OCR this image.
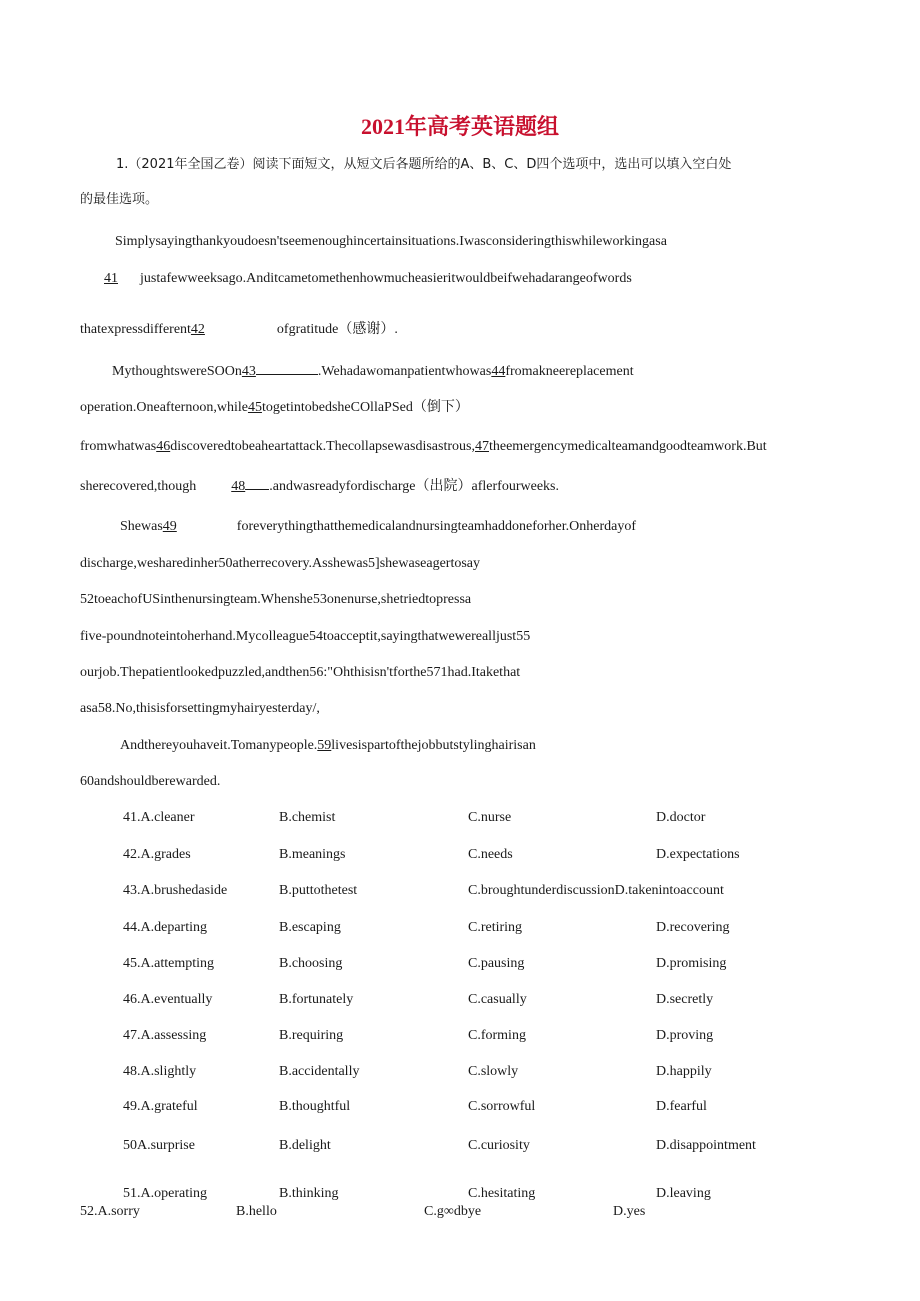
2021年高考英语题组
1.（2021年全国乙卷）阅读下面短文，从短文后各题所给的A、B、C、D四个选项中，选出可以填入空白处
的最佳选项。
Simplysayingthankyoudoesn'tseemenoughincertainsituations.Iwasconsideringthiswhileworkingasa
41 justafewweeksago.Anditcametomethenhowmucheasieritwouldbeifwehadarangeofwords
thatexpressdifferent42	ofgratitude（感谢）.
MythoughtswereSOOn43	.Wehadawomanpatientwhowas44fromakneereplacement
operation.Oneafternoon,while45togetintobedsheCOllaPSed（倒下）
fromwhatwas46discoveredtobeaheartattack.Thecollapsewasdisastrous,47theemergencymedicalteamandgoodteamwork.But
sherecovered,though	48 .andwasreadyfordischarge（出院）aflerfourweeks.
Shewas49	foreverythingthatthemedicalandnursingteamhaddoneforher.Onherdayof
discharge,wesharedinher50atherrecovery.Asshewas5]shewaseagertosay
52toeachofUSinthenursingteam.Whenshe53onenurse,shetriedtopressa
five-poundnoteintoherhand.Mycolleague54toacceptit,sayingthatwewerealljust55
ourjob.Thepatientlookedpuzzled,andthen56:"Ohthisisn'tforthe571had.Itakethat
asa58.No,thisisforsettingmyhairyesterday/,
Andthereyouhaveit.Tomanypeople.59livesispartofthejobbutstylinghairisan
60andshouldberewarded.
41.A.cleaner	B.chemist	C.nurse	D.doctor
42.A.grades	B.meanings	C.needs	D.expectations
43.A.brushedaside	B.puttothetest	C.broughtunderdiscussionD.takenintoaccount
44.A.departing	B.escaping	C.retiring	D.recovering
45.A.attempting	B.choosing	C.pausing	D.promising
46.A.eventually	B.fortunately	C.casually	D.secretly
47.A.assessing	B.requiring	C.forming	D.proving
48.A.slightly	B.accidentally	C.slowly	D.happily
49.A.grateful	B.thoughtful	C.sorrowful	D.fearful
50A.surprise	B.delight	C.curiosity	D.disappointment
51.A.operating	B.thinking	C.hesitating	D.leaving
52.A.sorry	B.hello	C.g∞dbye	D.yes
